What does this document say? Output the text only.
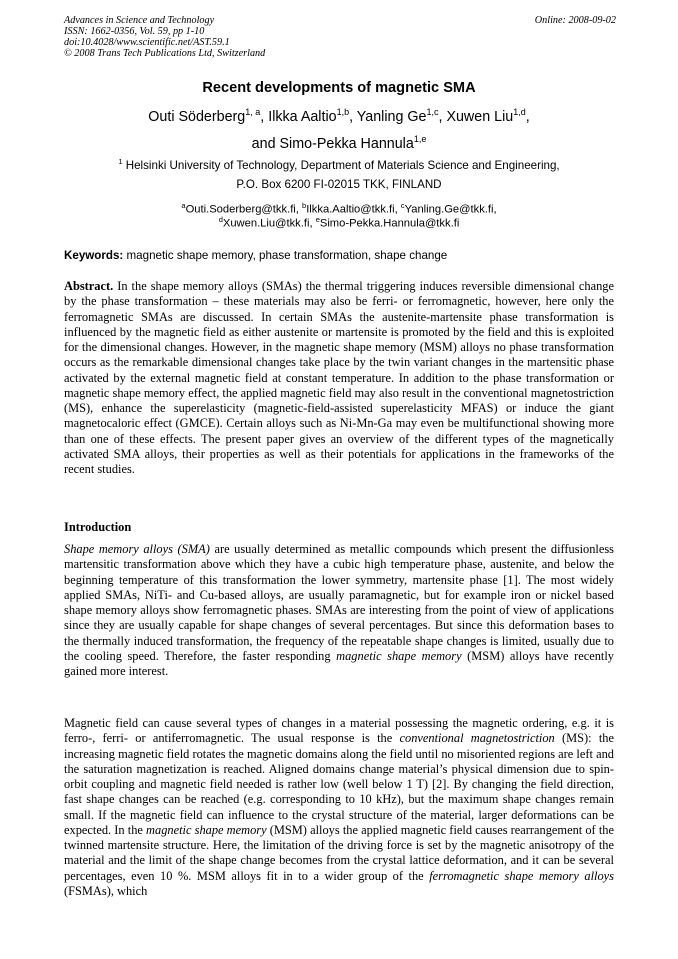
Advances in Science and Technology	Online: 2008-09-02
ISSN: 1662-0356, Vol. 59, pp 1-10
doi:10.4028/www.scientific.net/AST.59.1
© 2008 Trans Tech Publications Ltd, Switzerland
Recent developments of magnetic SMA
Outi Söderberg$^{1, a}$, Ilkka Aaltio$^{1,b}$, Yanling Ge$^{1,c}$, Xuwen Liu$^{1,d}$,
and Simo-Pekka Hannula$^{1,e}$
$^1$ Helsinki University of Technology, Department of Materials Science and Engineering,
P.O. Box 6200 FI-02015 TKK, FINLAND
$^a$Outi.Soderberg@tkk.fi, $^b$Ilkka.Aaltio@tkk.fi, $^c$Yanling.Ge@tkk.fi,
$^d$Xuwen.Liu@tkk.fi, $^e$Simo-Pekka.Hannula@tkk.fi
Keywords: magnetic shape memory, phase transformation, shape change
Abstract. In the shape memory alloys (SMAs) the thermal triggering induces reversible dimensional change by the phase transformation – these materials may also be ferri- or ferromagnetic, however, here only the ferromagnetic SMAs are discussed. In certain SMAs the austenite-martensite phase transformation is influenced by the magnetic field as either austenite or martensite is promoted by the field and this is exploited for the dimensional changes. However, in the magnetic shape memory (MSM) alloys no phase transformation occurs as the remarkable dimensional changes take place by the twin variant changes in the martensitic phase activated by the external magnetic field at constant temperature. In addition to the phase transformation or magnetic shape memory effect, the applied magnetic field may also result in the conventional magnetostriction (MS), enhance the superelasticity (magnetic-field-assisted superelasticity MFAS) or induce the giant magnetocaloric effect (GMCE). Certain alloys such as Ni-Mn-Ga may even be multifunctional showing more than one of these effects. The present paper gives an overview of the different types of the magnetically activated SMA alloys, their properties as well as their potentials for applications in the frameworks of the recent studies.
Introduction
Shape memory alloys (SMA) are usually determined as metallic compounds which present the diffusionless martensitic transformation above which they have a cubic high temperature phase, austenite, and below the beginning temperature of this transformation the lower symmetry, martensite phase [1]. The most widely applied SMAs, NiTi- and Cu-based alloys, are usually paramagnetic, but for example iron or nickel based shape memory alloys show ferromagnetic phases. SMAs are interesting from the point of view of applications since they are usually capable for shape changes of several percentages. But since this deformation bases to the thermally induced transformation, the frequency of the repeatable shape changes is limited, usually due to the cooling speed. Therefore, the faster responding magnetic shape memory (MSM) alloys have recently gained more interest.
Magnetic field can cause several types of changes in a material possessing the magnetic ordering, e.g. it is ferro-, ferri- or antiferromagnetic. The usual response is the conventional magnetostriction (MS): the increasing magnetic field rotates the magnetic domains along the field until no misoriented regions are left and the saturation magnetization is reached. Aligned domains change material’s physical dimension due to spin-orbit coupling and magnetic field needed is rather low (well below 1 T) [2]. By changing the field direction, fast shape changes can be reached (e.g. corresponding to 10 kHz), but the maximum shape changes remain small. If the magnetic field can influence to the crystal structure of the material, larger deformations can be expected. In the magnetic shape memory (MSM) alloys the applied magnetic field causes rearrangement of the twinned martensite structure. Here, the limitation of the driving force is set by the magnetic anisotropy of the material and the limit of the shape change becomes from the crystal lattice deformation, and it can be several percentages, even 10 %. MSM alloys fit in to a wider group of the ferromagnetic shape memory alloys (FSMAs), which
